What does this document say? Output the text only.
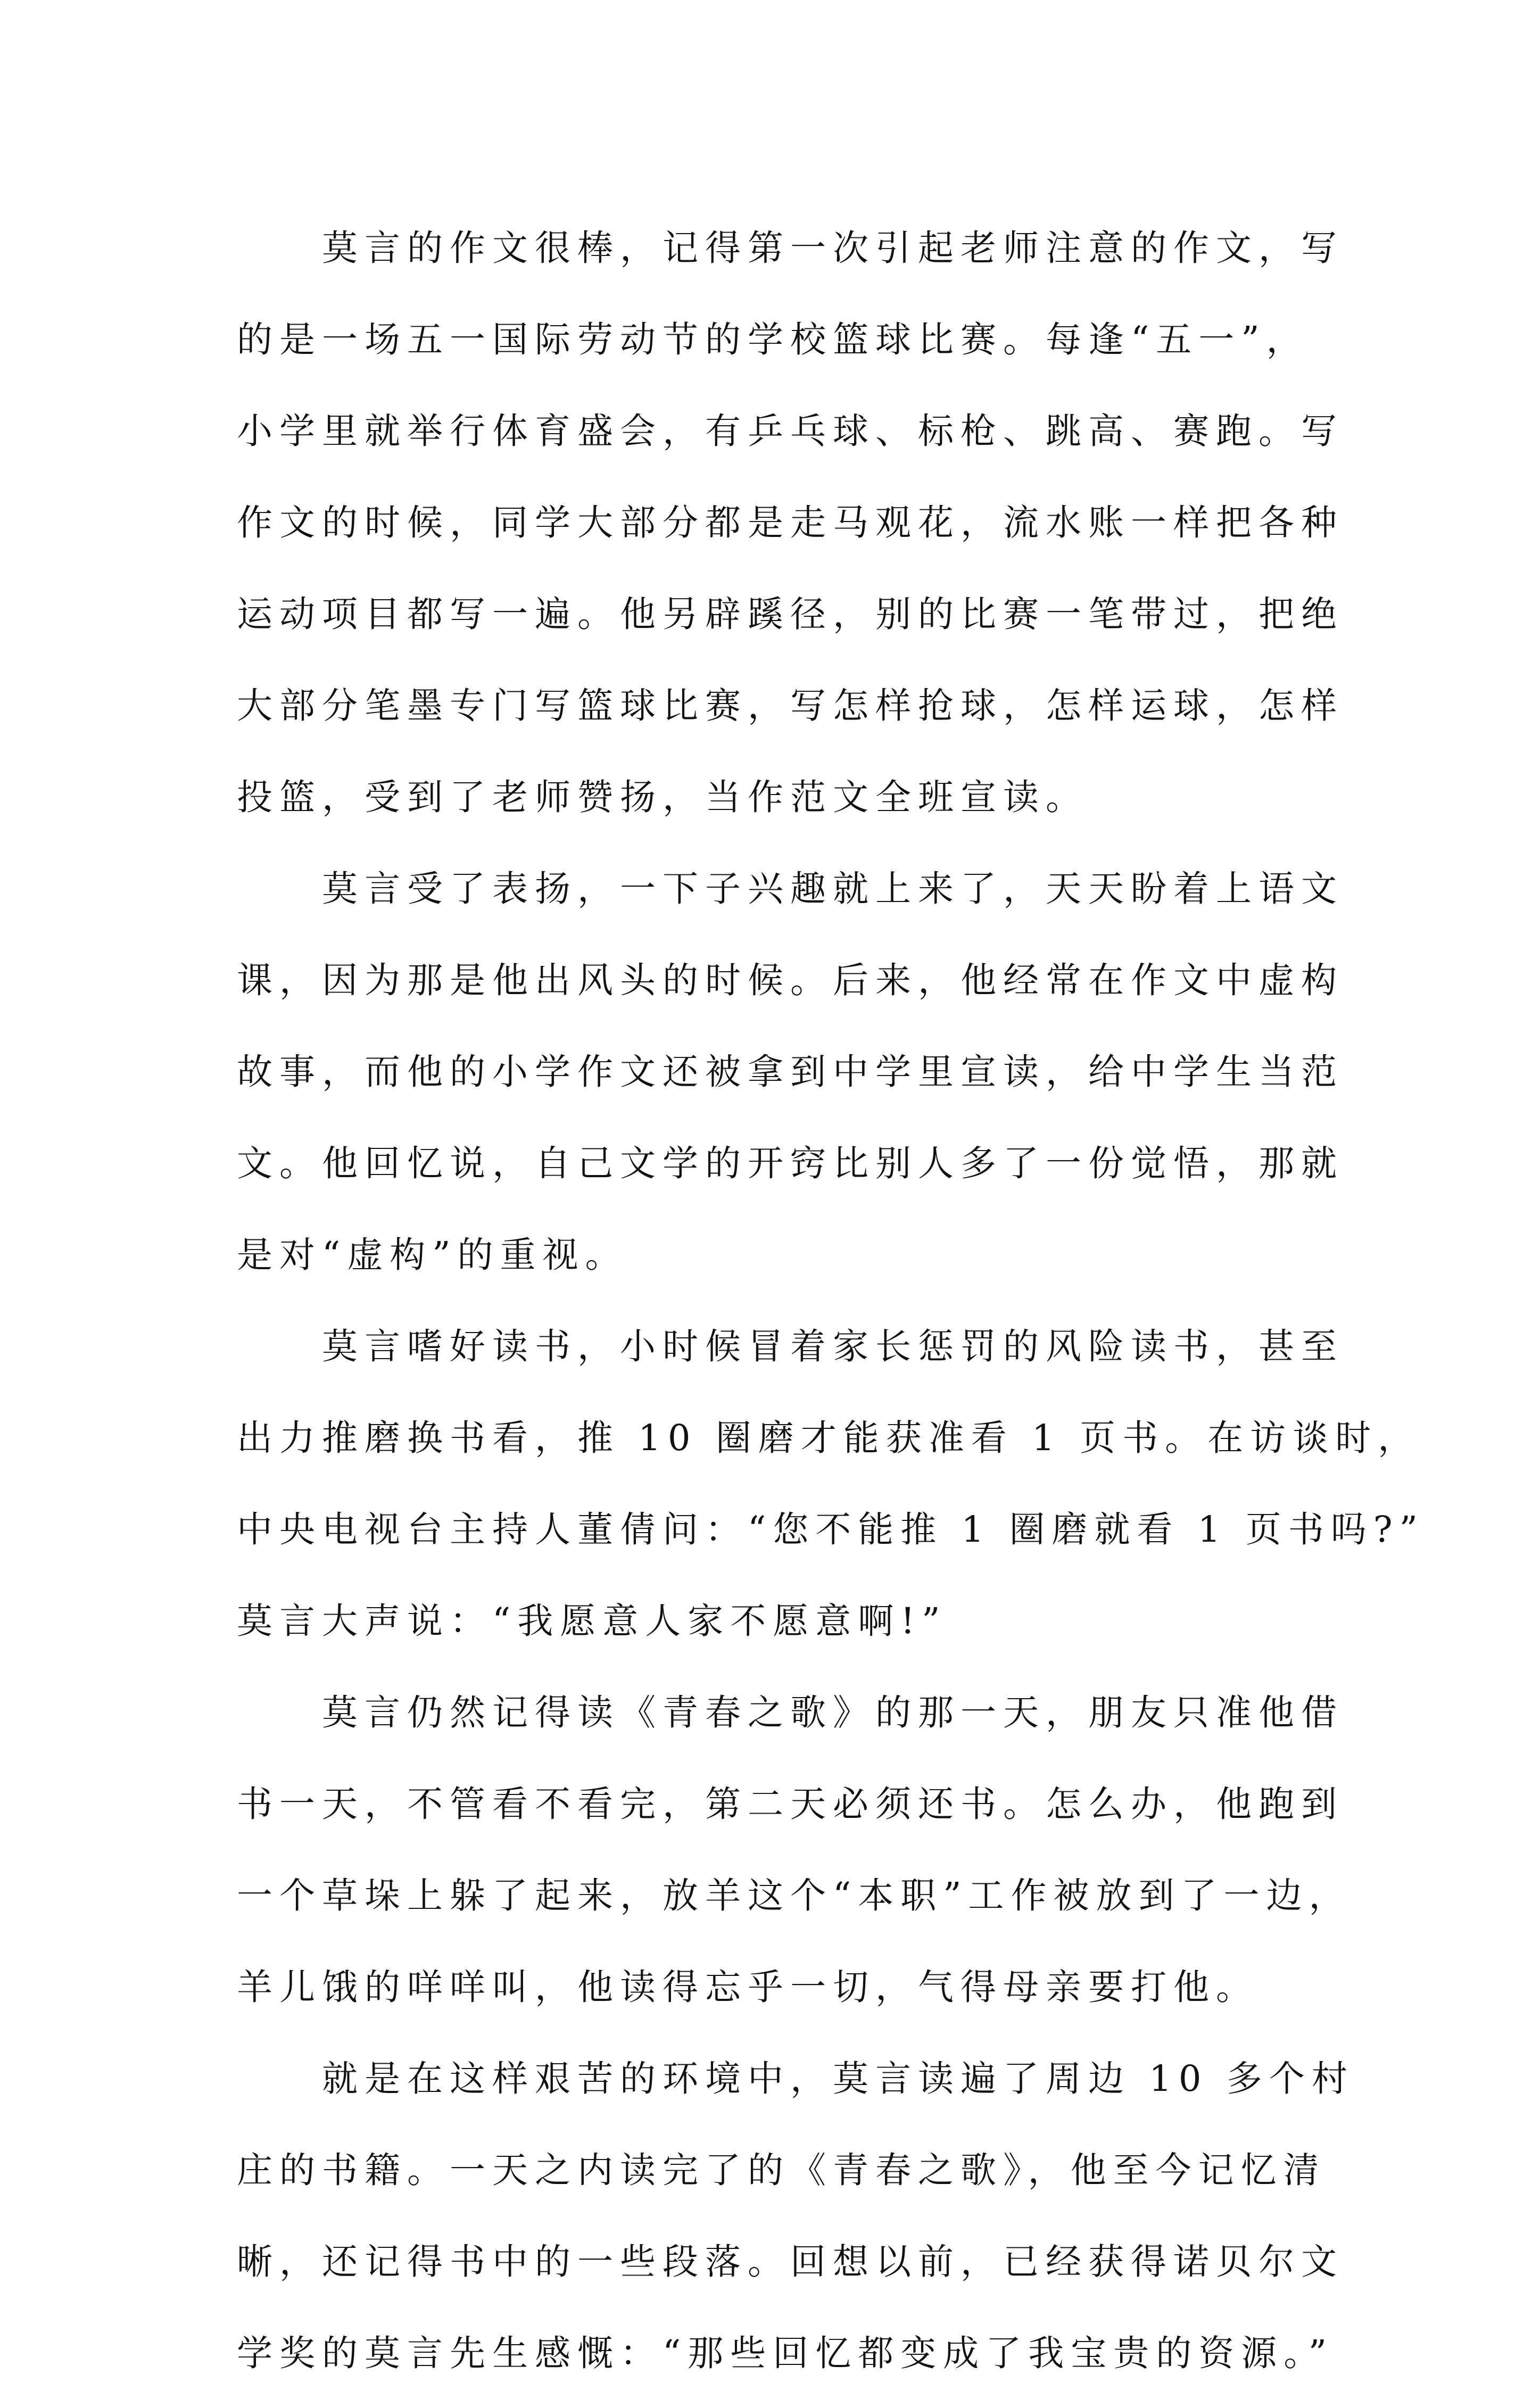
莫言的作文很棒，记得第一次引起老师注意的作文，写
的是一场五一国际劳动节的学校篮球比赛。每逢“五一”，
小学里就举行体育盛会，有乒乓球、标枪、跳高、赛跑。写
作文的时候，同学大部分都是走马观花，流水账一样把各种
运动项目都写一遍。他另辟蹊径，别的比赛一笔带过，把绝
大部分笔墨专门写篮球比赛，写怎样抢球，怎样运球，怎样
投篮，受到了老师赞扬，当作范文全班宣读。
莫言受了表扬，一下子兴趣就上来了，天天盼着上语文
课，因为那是他出风头的时候。后来，他经常在作文中虚构
故事，而他的小学作文还被拿到中学里宣读，给中学生当范
文。他回忆说，自己文学的开窍比别人多了一份觉悟，那就
是对“虚构”的重视。
莫言嗜好读书，小时候冒着家长惩罚的风险读书，甚至
出力推磨换书看，推 10 圈磨才能获准看 1 页书。在访谈时，
中央电视台主持人董倩问：“您不能推 1 圈磨就看 1 页书吗?”
莫言大声说：“我愿意人家不愿意啊!”
莫言仍然记得读《青春之歌》的那一天，朋友只准他借
书一天，不管看不看完，第二天必须还书。怎么办，他跑到
一个草垛上躲了起来，放羊这个“本职”工作被放到了一边，
羊儿饿的咩咩叫，他读得忘乎一切，气得母亲要打他。
就是在这样艰苦的环境中，莫言读遍了周边 10 多个村
庄的书籍。一天之内读完了的《青春之歌》，他至今记忆清
晰，还记得书中的一些段落。回想以前，已经获得诺贝尔文
学奖的莫言先生感慨：“那些回忆都变成了我宝贵的资源。”
